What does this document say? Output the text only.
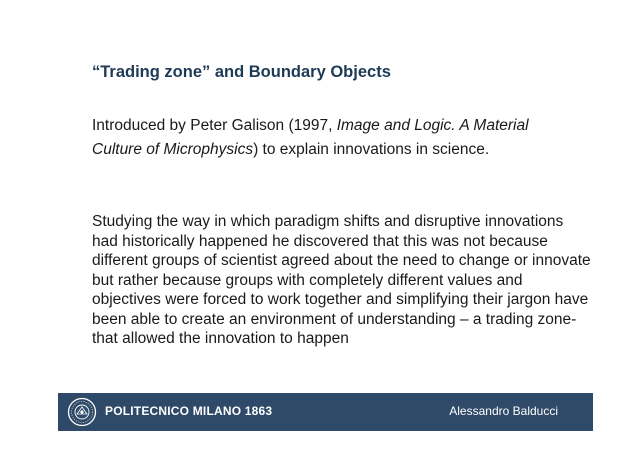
“Trading zone” and Boundary Objects

Introduced by Peter Galison (1997, Image and Logic. A Material Culture of Microphysics) to explain innovations in science.

Studying the way in which paradigm shifts and disruptive innovations had historically happened he discovered that this was not because different groups of scientist agreed about the need to change or innovate but rather because groups with completely different values and objectives were forced to work together and simplifying their jargon have been able to create an environment of understanding – a trading zone- that allowed the innovation to happen

POLITECNICO MILANO 1863	Alessandro Balducci
